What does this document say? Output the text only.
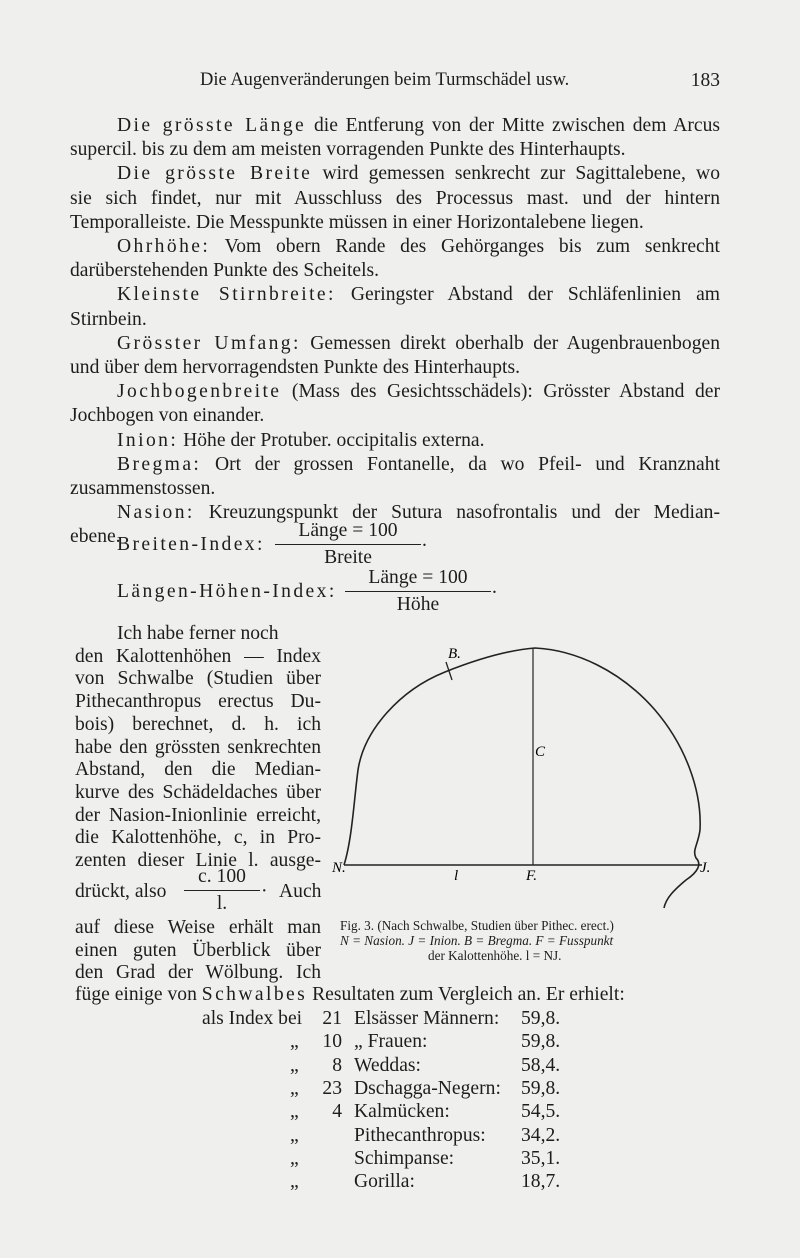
Die Augenveränderungen beim Turmschädel usw.	183
Die grösste Länge die Entferung von der Mitte zwischen dem Arcus
supercil. bis zu dem am meisten vorragenden Punkte des Hinterhaupts.
Die grösste Breite wird gemessen senkrecht zur Sagittalebene, wo
sie sich findet, nur mit Ausschluss des Processus mast. und der hintern
Temporalleiste. Die Messpunkte müssen in einer Horizontalebene liegen.
Ohrhöhe: Vom obern Rande des Gehörganges bis zum senkrecht
darüberstehenden Punkte des Scheitels.
Kleinste Stirnbreite: Geringster Abstand der Schläfenlinien am
Stirnbein.
Grösster Umfang: Gemessen direkt oberhalb der Augenbrauenbogen
und über dem hervorragendsten Punkte des Hinterhaupts.
Jochbogenbreite (Mass des Gesichtsschädels): Grösster Abstand der
Jochbogen von einander.
Inion: Höhe der Protuber. occipitalis externa.
Bregma: Ort der grossen Fontanelle, da wo Pfeil- und Kranznaht
zusammenstossen.
Nasion: Kreuzungspunkt der Sutura nasofrontalis und der Median-
ebene.
Breiten-Index:
Länge = 100
Breite
.
Längen-Höhen-Index:
Länge = 100
Höhe
.
Ich habe ferner noch
den Kalottenhöhen — Index
von Schwalbe (Studien über
Pithecanthropus erectus Du-
bois) berechnet, d. h. ich
habe den grössten senkrechten
Abstand, den die Median-
kurve des Schädeldaches über
der Nasion-Inionlinie erreicht,
die Kalottenhöhe, c, in Pro-
zenten dieser Linie l. ausge-
drückt, also
c. 100
l.
· Auch
B.
C
N.	l	F.	J.
Fig. 3. (Nach Schwalbe, Studien über Pithec. erect.)
N = Nasion. J = Inion. B = Bregma. F = Fusspunkt
der Kalottenhöhe. l = NJ.
auf diese Weise erhält man
einen guten Überblick über
den Grad der Wölbung. Ich
füge einige von Schwalbes Resultaten zum Vergleich an. Er erhielt:
als Index bei 21 Elsässer Männern: 59,8.
„ 10 „ Frauen:	59,8.
„ 8 Weddas:	58,4.
„ 23 Dschagga-Negern: 59,8.
„ 4 Kalmücken:	54,5.
„	Pithecanthropus: 34,2.
„	Schimpanse:	35,1.
„	Gorilla:	18,7.
